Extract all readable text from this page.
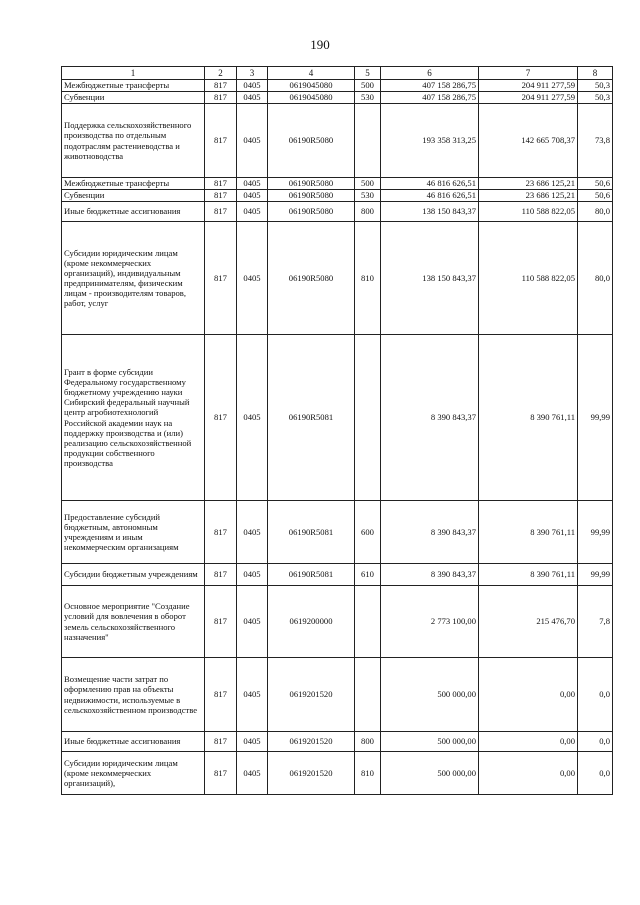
190
1	2	3	4	5	6	7	8
Межбюджетные трансферты	817	0405	0619045080	500	407 158 286,75	204 911 277,59	50,3
Субвенции	817	0405	0619045080	530	407 158 286,75	204 911 277,59	50,3
Поддержка сельскохозяйственного производства по отдельным подотраслям растениеводства и животноводства	817	0405	06190R5080		193 358 313,25	142 665 708,37	73,8
Межбюджетные трансферты	817	0405	06190R5080	500	46 816 626,51	23 686 125,21	50,6
Субвенции	817	0405	06190R5080	530	46 816 626,51	23 686 125,21	50,6
Иные бюджетные ассигнования	817	0405	06190R5080	800	138 150 843,37	110 588 822,05	80,0
Субсидии юридическим лицам (кроме некоммерческих организаций), индивидуальным предпринимателям, физическим лицам - производителям товаров, работ, услуг	817	0405	06190R5080	810	138 150 843,37	110 588 822,05	80,0
Грант в форме субсидии Федеральному государственному бюджетному учреждению науки Сибирский федеральный научный центр агробиотехнологий Российской академии наук на поддержку производства и (или) реализацию сельскохозяйственной продукции собственного производства	817	0405	06190R5081		8 390 843,37	8 390 761,11	99,99
Предоставление субсидий бюджетным, автономным учреждениям и иным некоммерческим организациям	817	0405	06190R5081	600	8 390 843,37	8 390 761,11	99,99
Субсидии бюджетным учреждениям	817	0405	06190R5081	610	8 390 843,37	8 390 761,11	99,99
Основное мероприятие "Создание условий для вовлечения в оборот земель сельскохозяйственного назначения"	817	0405	0619200000		2 773 100,00	215 476,70	7,8
Возмещение части затрат по оформлению прав на объекты недвижимости, используемые в сельскохозяйственном производстве	817	0405	0619201520		500 000,00	0,00	0,0
Иные бюджетные ассигнования	817	0405	0619201520	800	500 000,00	0,00	0,0
Субсидии юридическим лицам (кроме некоммерческих организаций),	817	0405	0619201520	810	500 000,00	0,00	0,0
